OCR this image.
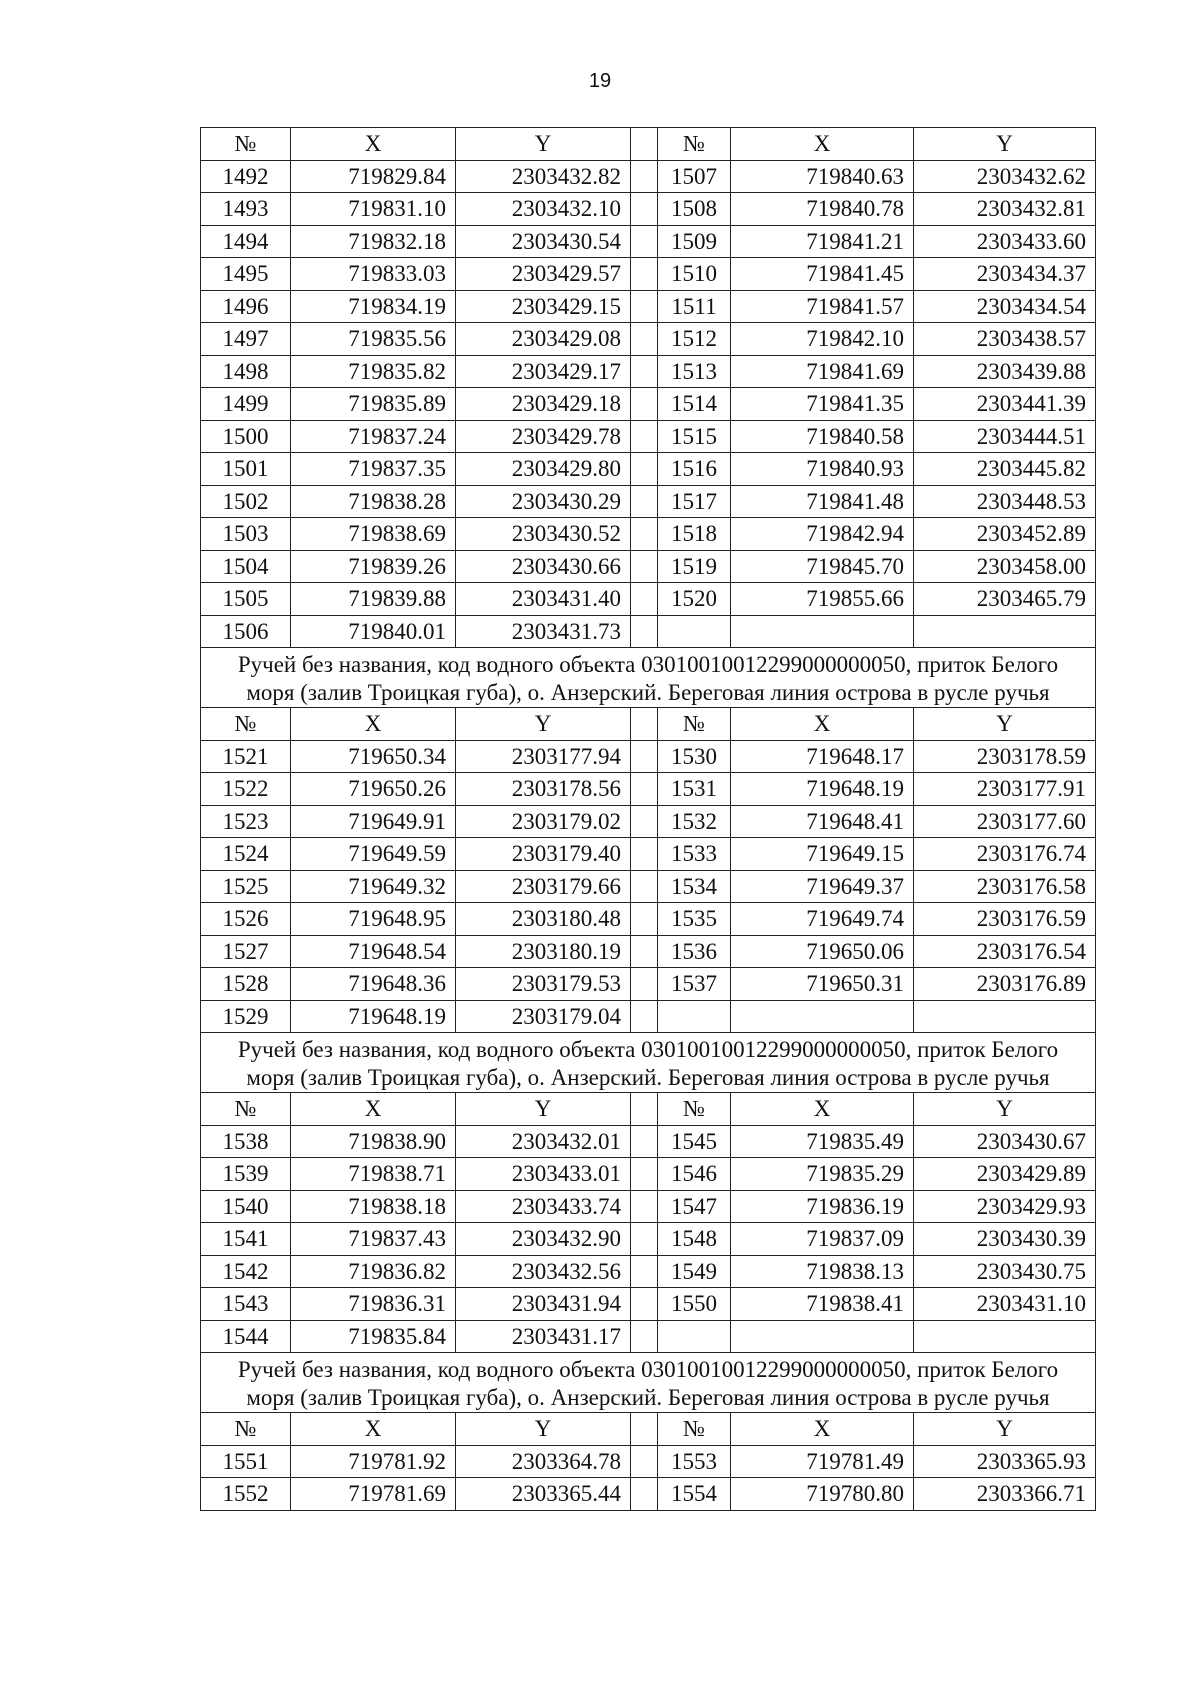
19
№	X	Y		№	X	Y
1492	719829.84	2303432.82		1507	719840.63	2303432.62
1493	719831.10	2303432.10		1508	719840.78	2303432.81
1494	719832.18	2303430.54		1509	719841.21	2303433.60
1495	719833.03	2303429.57		1510	719841.45	2303434.37
1496	719834.19	2303429.15		1511	719841.57	2303434.54
1497	719835.56	2303429.08		1512	719842.10	2303438.57
1498	719835.82	2303429.17		1513	719841.69	2303439.88
1499	719835.89	2303429.18		1514	719841.35	2303441.39
1500	719837.24	2303429.78		1515	719840.58	2303444.51
1501	719837.35	2303429.80		1516	719840.93	2303445.82
1502	719838.28	2303430.29		1517	719841.48	2303448.53
1503	719838.69	2303430.52		1518	719842.94	2303452.89
1504	719839.26	2303430.66		1519	719845.70	2303458.00
1505	719839.88	2303431.40		1520	719855.66	2303465.79
1506	719840.01	2303431.73				
Ручей без названия, код водного объекта 03010010012299000000050, приток Белого моря (залив Троицкая губа), о. Анзерский. Береговая линия острова в русле ручья						
№	X	Y		№	X	Y
1521	719650.34	2303177.94		1530	719648.17	2303178.59
1522	719650.26	2303178.56		1531	719648.19	2303177.91
1523	719649.91	2303179.02		1532	719648.41	2303177.60
1524	719649.59	2303179.40		1533	719649.15	2303176.74
1525	719649.32	2303179.66		1534	719649.37	2303176.58
1526	719648.95	2303180.48		1535	719649.74	2303176.59
1527	719648.54	2303180.19		1536	719650.06	2303176.54
1528	719648.36	2303179.53		1537	719650.31	2303176.89
1529	719648.19	2303179.04				
Ручей без названия, код водного объекта 03010010012299000000050, приток Белого моря (залив Троицкая губа), о. Анзерский. Береговая линия острова в русле ручья						
№	X	Y		№	X	Y
1538	719838.90	2303432.01		1545	719835.49	2303430.67
1539	719838.71	2303433.01		1546	719835.29	2303429.89
1540	719838.18	2303433.74		1547	719836.19	2303429.93
1541	719837.43	2303432.90		1548	719837.09	2303430.39
1542	719836.82	2303432.56		1549	719838.13	2303430.75
1543	719836.31	2303431.94		1550	719838.41	2303431.10
1544	719835.84	2303431.17				
Ручей без названия, код водного объекта 03010010012299000000050, приток Белого моря (залив Троицкая губа), о. Анзерский. Береговая линия острова в русле ручья						
№	X	Y		№	X	Y
1551	719781.92	2303364.78		1553	719781.49	2303365.93
1552	719781.69	2303365.44		1554	719780.80	2303366.71
